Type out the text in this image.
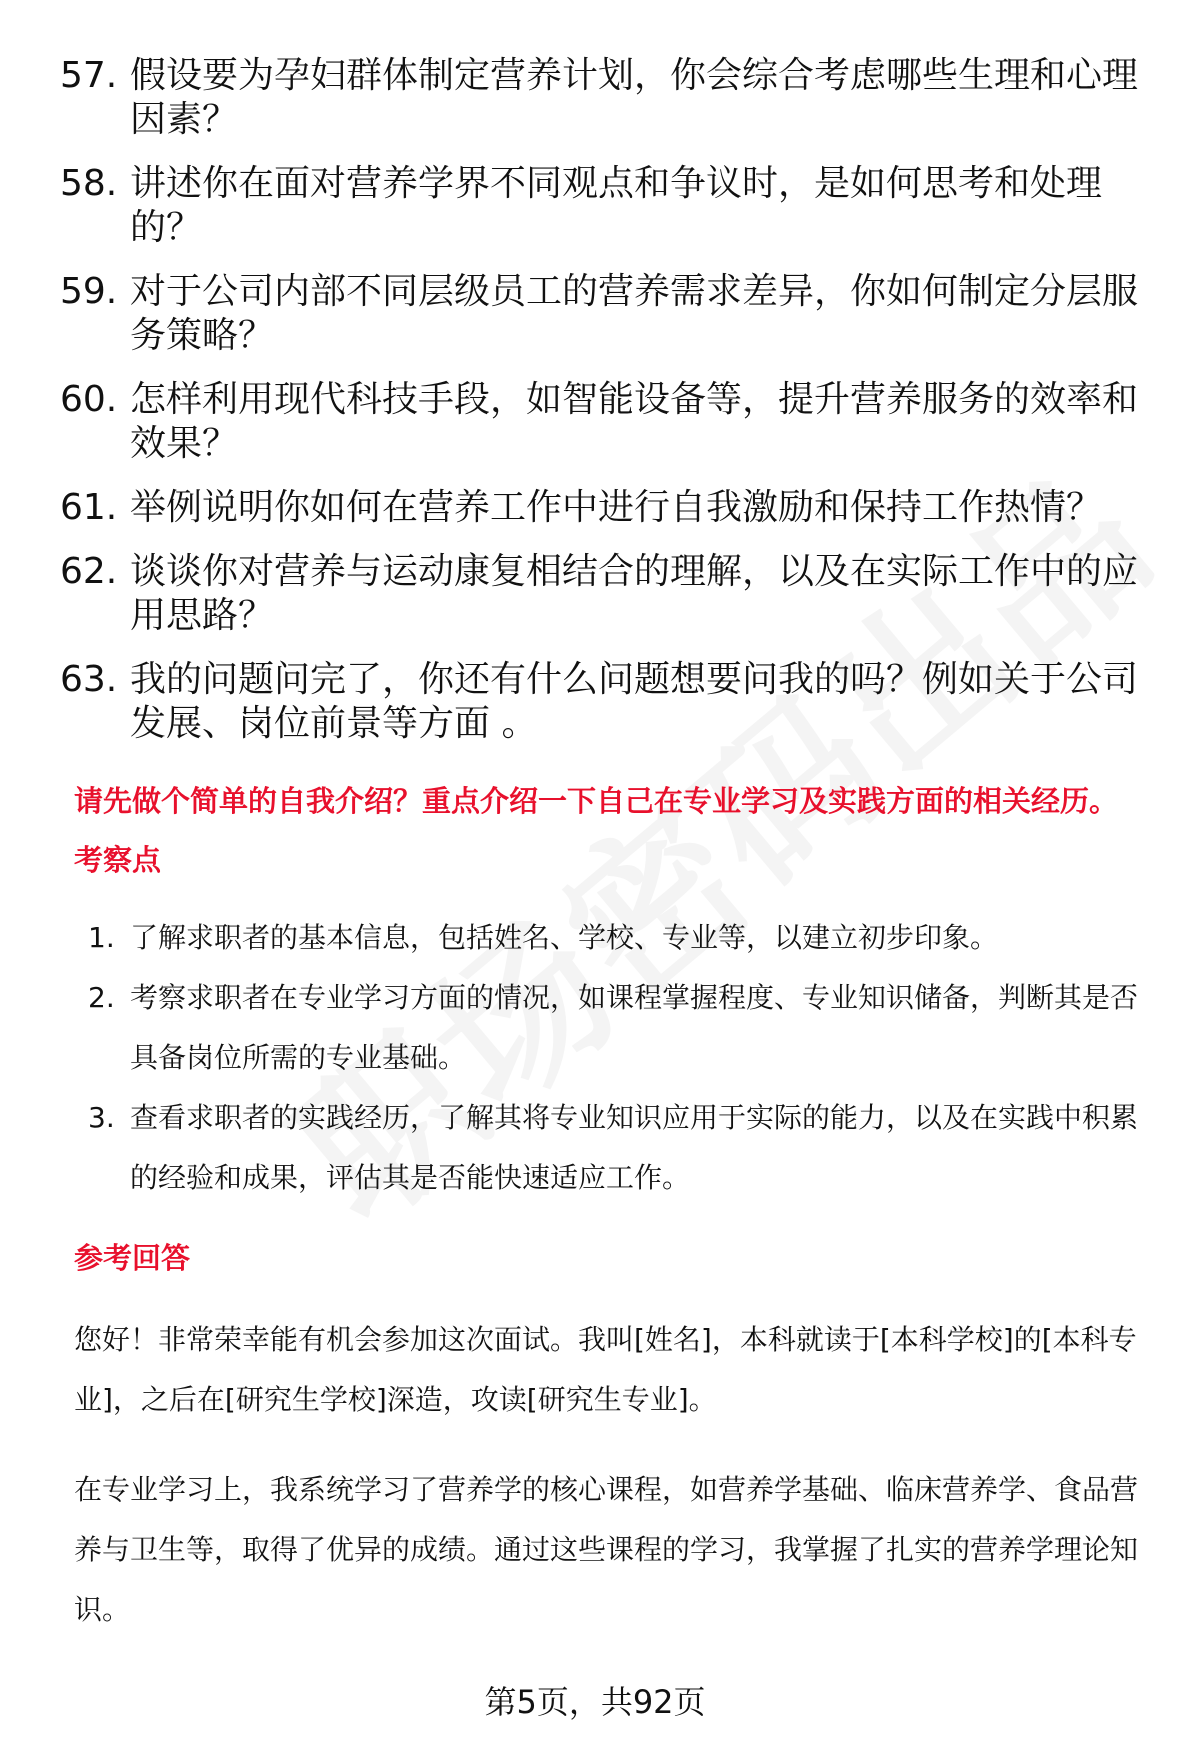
57. 假设要为孕妇群体制定营养计划，你会综合考虑哪些生理和心理因素？
58. 讲述你在面对营养学界不同观点和争议时，是如何思考和处理的？
59. 对于公司内部不同层级员工的营养需求差异，你如何制定分层服务策略？
60. 怎样利用现代科技手段，如智能设备等，提升营养服务的效率和效果？
61. 举例说明你如何在营养工作中进行自我激励和保持工作热情？
62. 谈谈你对营养与运动康复相结合的理解，以及在实际工作中的应用思路？
63. 我的问题问完了，你还有什么问题想要问我的吗？例如关于公司发展、岗位前景等方面 。
请先做个简单的自我介绍？重点介绍一下自己在专业学习及实践方面的相关经历。
考察点
1. 了解求职者的基本信息，包括姓名、学校、专业等，以建立初步印象。
2. 考察求职者在专业学习方面的情况，如课程掌握程度、专业知识储备，判断其是否具备岗位所需的专业基础。
3. 查看求职者的实践经历，了解其将专业知识应用于实际的能力，以及在实践中积累的经验和成果，评估其是否能快速适应工作。
参考回答
您好！非常荣幸能有机会参加这次面试。我叫[姓名]，本科就读于[本科学校]的[本科专业]，之后在[研究生学校]深造，攻读[研究生专业]。
在专业学习上，我系统学习了营养学的核心课程，如营养学基础、临床营养学、食品营养与卫生等，取得了优异的成绩。通过这些课程的学习，我掌握了扎实的营养学理论知识。
第5页，共92页
